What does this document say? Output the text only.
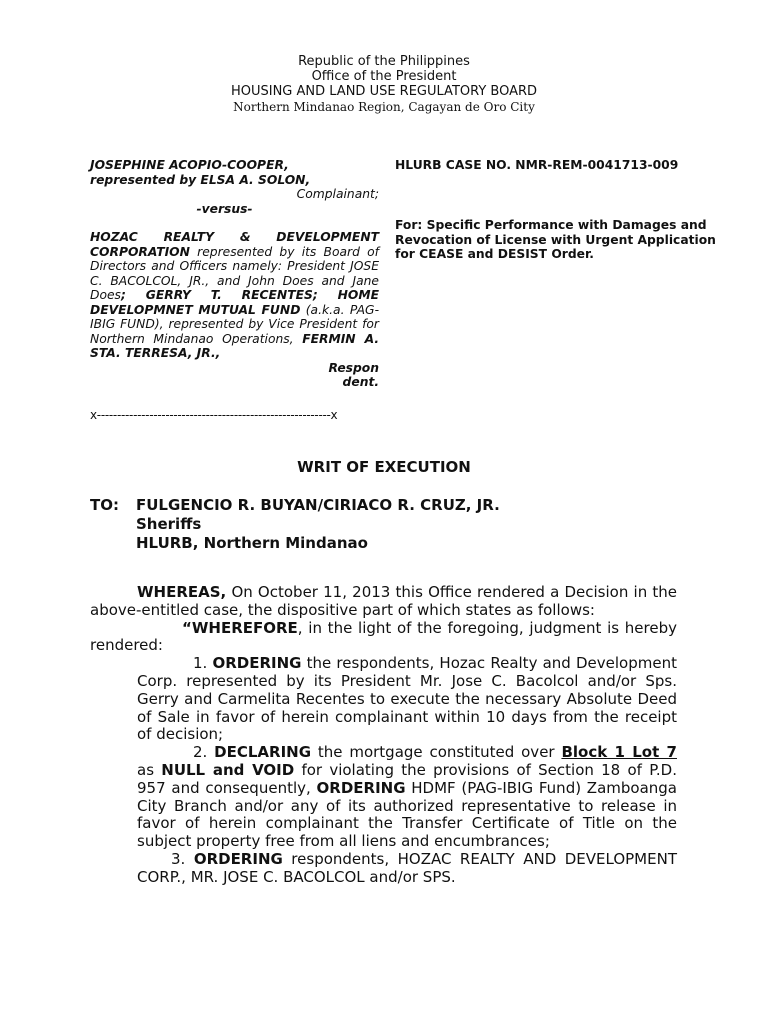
Republic of the Philippines
Office of the President
HOUSING AND LAND USE REGULATORY BOARD
Northern Mindanao Region, Cagayan de Oro City

JOSEPHINE ACOPIO-COOPER,

represented by ELSA A. SOLON,

Complainant;

-versus-

HOZAC REALTY & DEVELOPMENT CORPORATION represented by its Board of Directors and Officers namely: President JOSE C. BACOLCOL, JR., and John Does and Jane Does; GERRY T. RECENTES; HOME DEVELOPMNET MUTUAL FUND (a.k.a. PAG-IBIG FUND), represented by Vice President for Northern Mindanao Operations, FERMIN A. STA. TERRESA, JR.,

Respon

dent.

HLURB CASE NO. NMR-REM-0041713-009
For: Specific Performance with Damages and Revocation of License with Urgent Application for CEASE and DESIST Order.
x----------------------------------------------------------x
WRIT OF EXECUTION
TO:	FULGENCIO R. BUYAN/CIRIACO R. CRUZ, JR.
Sheriffs
HLURB, Northern Mindanao

WHEREAS, On October 11, 2013 this Office rendered a Decision in the above-entitled case, the dispositive part of which states as follows:

“WHEREFORE, in the light of the foregoing, judgment is hereby rendered:

1. ORDERING the respondents, Hozac Realty and Development Corp. represented by its President Mr. Jose C. Bacolcol and/or Sps. Gerry and Carmelita Recentes to execute the necessary Absolute Deed of Sale in favor of herein complainant within 10 days from the receipt of decision;

2. DECLARING the mortgage constituted over Block 1 Lot 7 as NULL and VOID for violating the provisions of Section 18 of P.D. 957 and consequently, ORDERING HDMF (PAG-IBIG Fund) Zamboanga City Branch and/or any of its authorized representative to release in favor of herein complainant the Transfer Certificate of Title on the subject property free from all liens and encumbrances;

3. ORDERING respondents, HOZAC REALTY AND DEVELOPMENT CORP., MR. JOSE C. BACOLCOL and/or SPS.
